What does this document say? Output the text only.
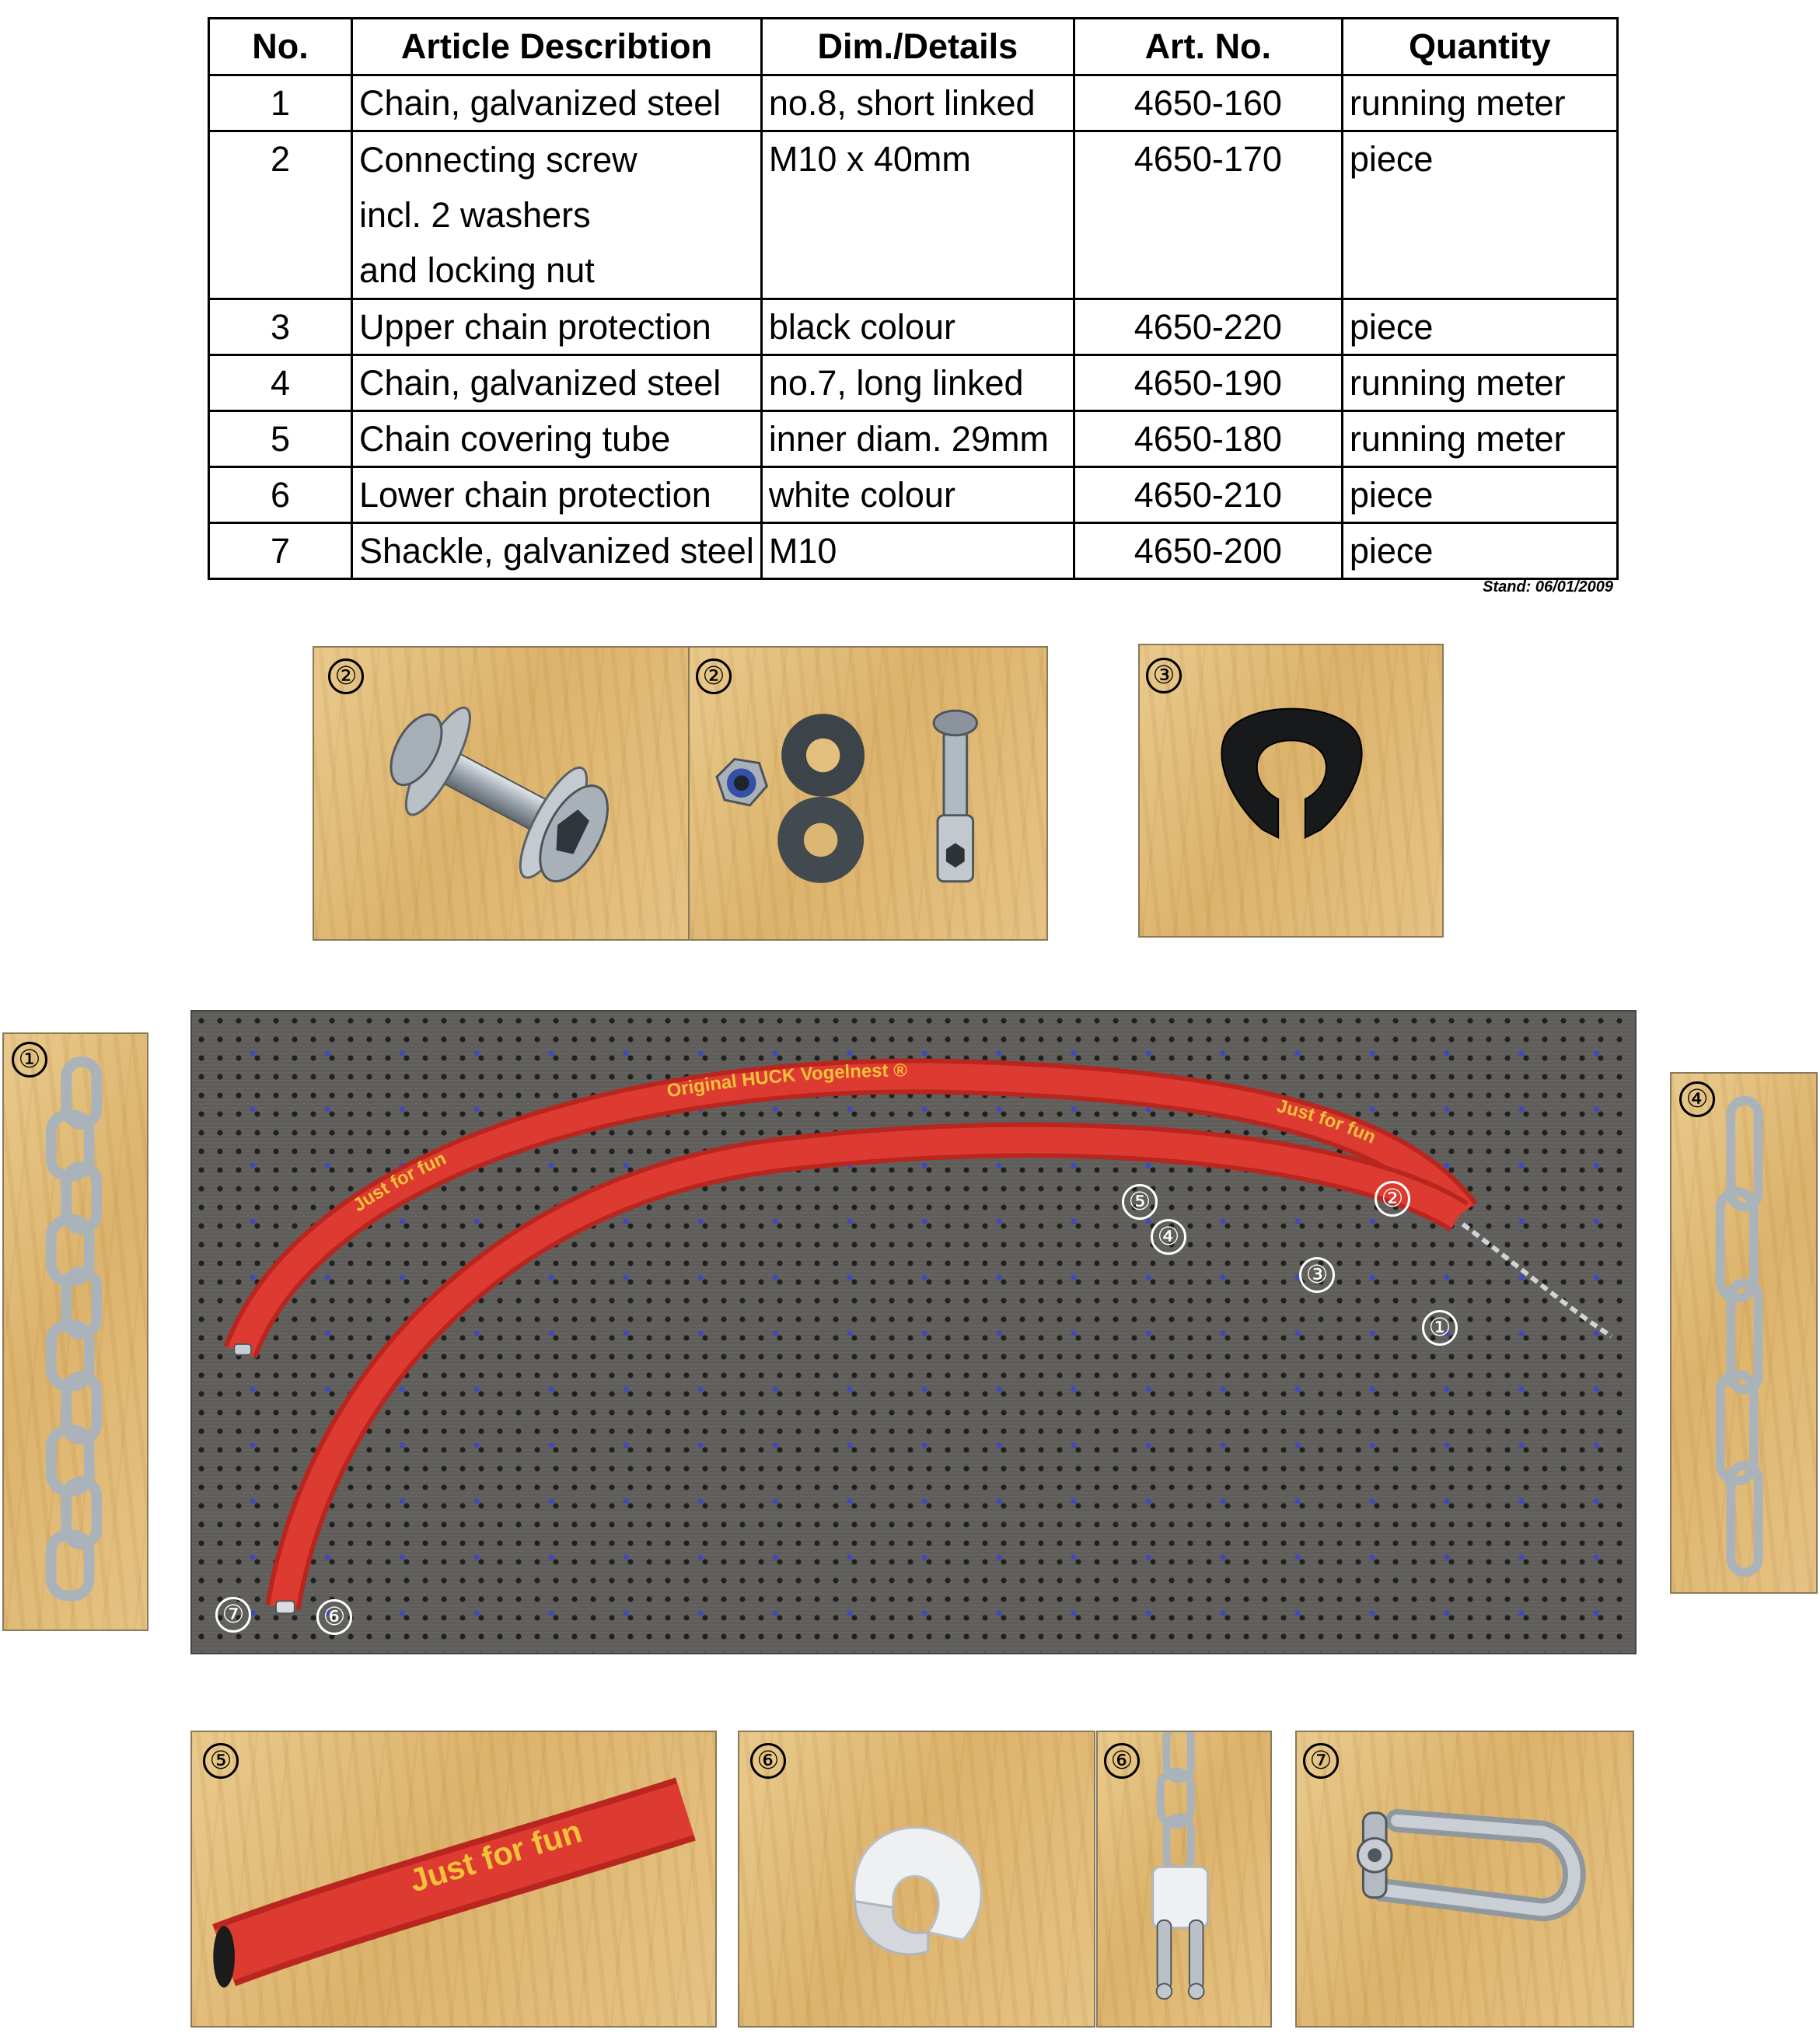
No.	Article Describtion	Dim./Details	Art. No.	Quantity
1	Chain, galvanized steel	no.8, short linked	4650-160	running meter
2	Connecting screw
incl. 2 washers
and locking nut	M10 x 40mm	4650-170	piece
3	Upper chain protection	black colour	4650-220	piece
4	Chain, galvanized steel	no.7, long linked	4650-190	running meter
5	Chain covering tube	inner diam. 29mm	4650-180	running meter
6	Lower chain protection	white colour	4650-210	piece
7	Shackle, galvanized steel	M10	4650-200	piece
Stand: 06/01/2009
②	②	③
①
Original HUCK Vogelnest ®
Just for fun
Just for fun
②
⑤
④
③
①
⑦	⑥
④
Just for fun
⑤	⑥	⑥	⑦
